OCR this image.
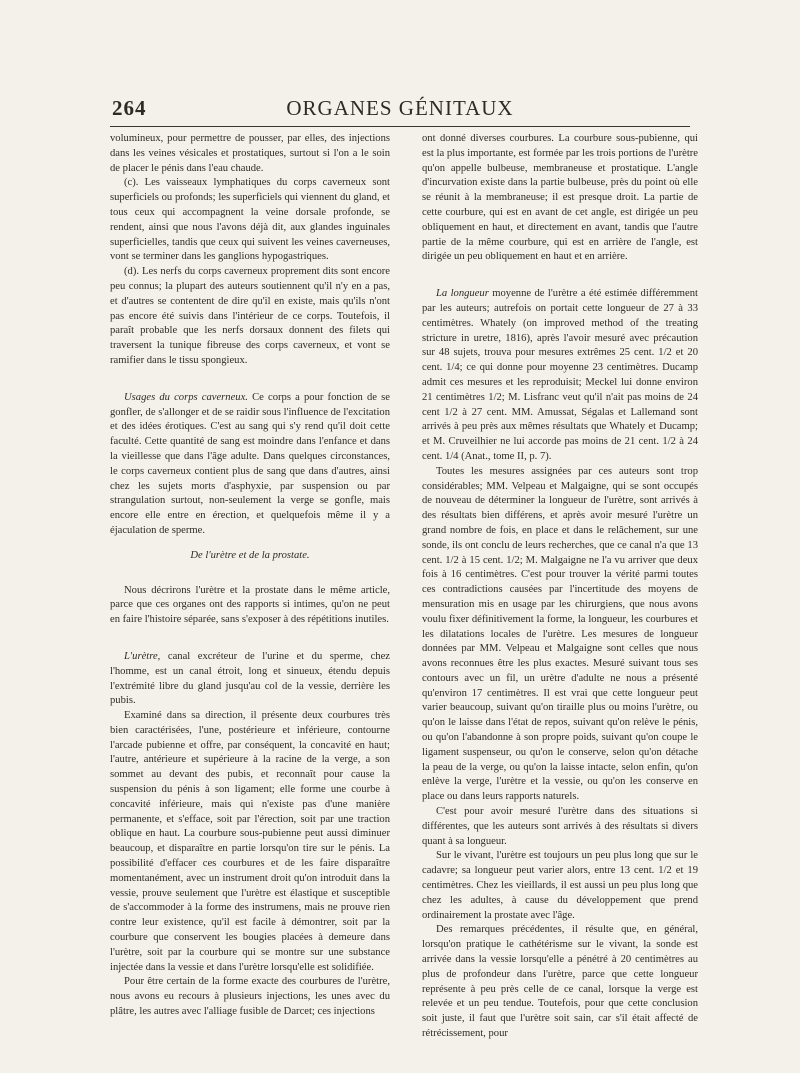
264	ORGANES GÉNITAUX

volumineux, pour permettre de pousser, par elles, des injections dans les veines vésicales et prostatiques, surtout si l'on a le soin de placer le pénis dans l'eau chaude.

(c). Les vaisseaux lymphatiques du corps caverneux sont superficiels ou profonds; les superficiels qui viennent du gland, et tous ceux qui accompagnent la veine dorsale profonde, se rendent, ainsi que nous l'avons déjà dit, aux glandes inguinales superficielles, tandis que ceux qui suivent les veines caverneuses, vont se terminer dans les ganglions hypogastriques.

(d). Les nerfs du corps caverneux proprement dits sont encore peu connus; la plupart des auteurs soutiennent qu'il n'y en a pas, et d'autres se contentent de dire qu'il en existe, mais qu'ils n'ont pas encore été suivis dans l'intérieur de ce corps. Toutefois, il paraît probable que les nerfs dorsaux donnent des filets qui traversent la tunique fibreuse des corps caverneux, et vont se ramifier dans le tissu spongieux.

Usages du corps caverneux. Ce corps a pour fonction de se gonfler, de s'allonger et de se raidir sous l'influence de l'excitation et des idées érotiques. C'est au sang qui s'y rend qu'il doit cette faculté. Cette quantité de sang est moindre dans l'enfance et dans la vieillesse que dans l'âge adulte. Dans quelques circonstances, le corps caverneux contient plus de sang que dans d'autres, ainsi chez les sujets morts d'asphyxie, par suspension ou par strangulation surtout, non-seulement la verge se gonfle, mais encore elle entre en érection, et quelquefois même il y a éjaculation de sperme.

De l'urètre et de la prostate.

Nous décrirons l'urètre et la prostate dans le même article, parce que ces organes ont des rapports si intimes, qu'on ne peut en faire l'histoire séparée, sans s'exposer à des répétitions inutiles.

L'urètre, canal excréteur de l'urine et du sperme, chez l'homme, est un canal étroit, long et sinueux, étendu depuis l'extrémité libre du gland jusqu'au col de la vessie, derrière les pubis.

Examiné dans sa direction, il présente deux courbures très bien caractérisées, l'une, postérieure et inférieure, contourne l'arcade pubienne et offre, par conséquent, la concavité en haut; l'autre, antérieure et supérieure à la racine de la verge, a son sommet au devant des pubis, et reconnaît pour cause la suspension du pénis à son ligament; elle forme une courbe à concavité inférieure, mais qui n'existe pas d'une manière permanente, et s'efface, soit par l'érection, soit par une traction oblique en haut. La courbure sous-pubienne peut aussi diminuer beaucoup, et disparaître en partie lorsqu'on tire sur le pénis. La possibilité d'effacer ces courbures et de les faire disparaître momentanément, avec un instrument droit qu'on introduit dans la vessie, prouve seulement que l'urètre est élastique et susceptible de s'accommoder à la forme des instrumens, mais ne prouve rien contre leur existence, qu'il est facile à démontrer, soit par la courbure que conservent les bougies placées à demeure dans l'urètre, soit par la courbure qui se montre sur une substance injectée dans la vessie et dans l'urètre lorsqu'elle est solidifiée.

Pour être certain de la forme exacte des courbures de l'urètre, nous avons eu recours à plusieurs injections, les unes avec du plâtre, les autres avec l'alliage fusible de Darcet; ces injections

ont donné diverses courbures. La courbure sous-pubienne, qui est la plus importante, est formée par les trois portions de l'urètre qu'on appelle bulbeuse, membraneuse et prostatique. L'angle d'incurvation existe dans la partie bulbeuse, près du point où elle se réunit à la membraneuse; il est presque droit. La partie de cette courbure, qui est en avant de cet angle, est dirigée un peu obliquement en haut, et directement en avant, tandis que l'autre partie de la même courbure, qui est en arrière de l'angle, est dirigée un peu obliquement en haut et en arrière.

La longueur moyenne de l'urètre a été estimée différemment par les auteurs; autrefois on portait cette longueur de 27 à 33 centimètres. Whately (on improved method of the treating stricture in uretre, 1816), après l'avoir mesuré avec précaution sur 48 sujets, trouva pour mesures extrêmes 25 cent. 1/2 et 20 cent. 1/4; ce qui donne pour moyenne 23 centimètres. Ducamp admit ces mesures et les reproduisit; Meckel lui donne environ 21 centimètres 1/2; M. Lisfranc veut qu'il n'ait pas moins de 24 cent 1/2 à 27 cent. MM. Amussat, Ségalas et Lallemand sont arrivés à peu près aux mêmes résultats que Whately et Ducamp; et M. Cruveilhier ne lui accorde pas moins de 21 cent. 1/2 à 24 cent. 1/4 (Anat., tome II, p. 7).

Toutes les mesures assignées par ces auteurs sont trop considérables; MM. Velpeau et Malgaigne, qui se sont occupés de nouveau de déterminer la longueur de l'urètre, sont arrivés à des résultats bien différens, et après avoir mesuré l'urètre un grand nombre de fois, en place et dans le relâchement, sur une sonde, ils ont conclu de leurs recherches, que ce canal n'a que 13 cent. 1/2 à 15 cent. 1/2; M. Malgaigne ne l'a vu arriver que deux fois à 16 centimètres. C'est pour trouver la vérité parmi toutes ces contradictions causées par l'incertitude des moyens de mensuration mis en usage par les chirurgiens, que nous avons voulu fixer définitivement la forme, la longueur, les courbures et les dilatations locales de l'urètre. Les mesures de longueur données par MM. Velpeau et Malgaigne sont celles que nous avons reconnues être les plus exactes. Mesuré suivant tous ses contours avec un fil, un urètre d'adulte ne nous a présenté qu'environ 17 centimètres. Il est vrai que cette longueur peut varier beaucoup, suivant qu'on tiraille plus ou moins l'urètre, ou qu'on le laisse dans l'état de repos, suivant qu'on relève le pénis, ou qu'on l'abandonne à son propre poids, suivant qu'on coupe le ligament suspenseur, ou qu'on le conserve, selon qu'on détache la peau de la verge, ou qu'on la laisse intacte, selon enfin, qu'on enlève la verge, l'urètre et la vessie, ou qu'on les conserve en place ou dans leurs rapports naturels.

C'est pour avoir mesuré l'urètre dans des situations si différentes, que les auteurs sont arrivés à des résultats si divers quant à sa longueur.

Sur le vivant, l'urètre est toujours un peu plus long que sur le cadavre; sa longueur peut varier alors, entre 13 cent. 1/2 et 19 centimètres. Chez les vieillards, il est aussi un peu plus long que chez les adultes, à cause du développement que prend ordinairement la prostate avec l'âge.

Des remarques précédentes, il résulte que, en général, lorsqu'on pratique le cathétérisme sur le vivant, la sonde est arrivée dans la vessie lorsqu'elle a pénétré à 20 centimètres au plus de profondeur dans l'urètre, parce que cette longueur représente à peu près celle de ce canal, lorsque la verge est relevée et un peu tendue. Toutefois, pour que cette conclusion soit juste, il faut que l'urètre soit sain, car s'il était affecté de rétrécissement, pour
